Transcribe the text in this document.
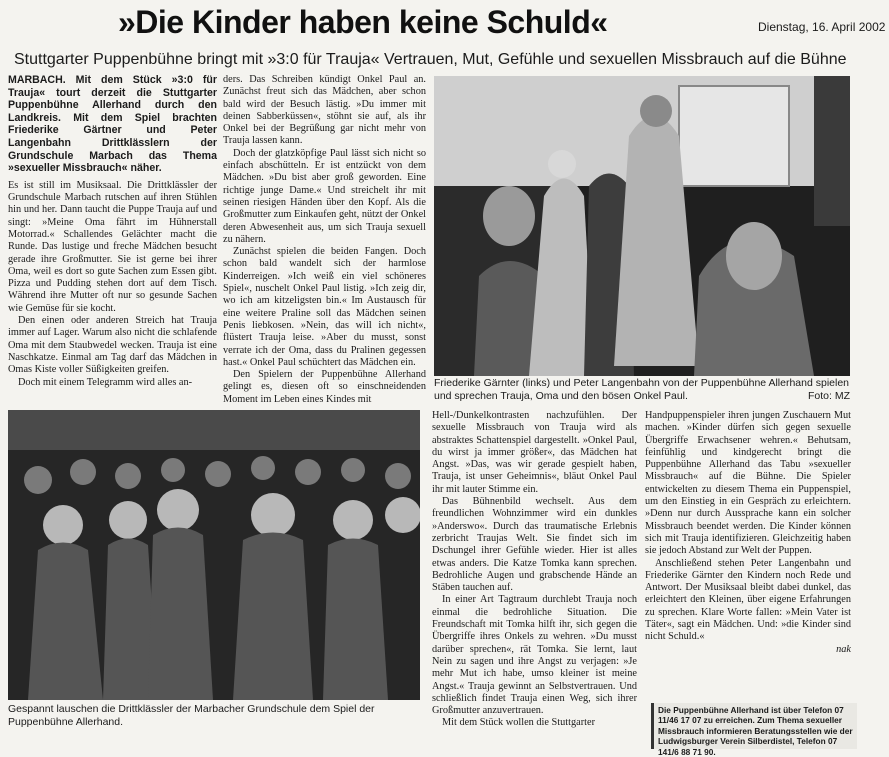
»Die Kinder haben keine Schuld«	Dienstag, 16. April 2002
Stuttgarter Puppenbühne bringt mit »3:0 für Trauja« Vertrauen, Mut, Gefühle und sexuellen Missbrauch auf die Bühne

MARBACH. Mit dem Stück »3:0 für Trauja« tourt derzeit die Stuttgarter Puppenbühne Allerhand durch den Landkreis. Mit dem Spiel brachten Friederike Gärtner und Peter Langenbahn Drittklässlern der Grundschule Marbach das Thema »sexueller Missbrauch« näher.

Es ist still im Musiksaal. Die Drittklässler der Grundschule Marbach rutschen auf ihren Stühlen hin und her. Dann taucht die Puppe Trauja auf und singt: »Meine Oma fährt im Hühnerstall Motorrad.« Schallendes Gelächter macht die Runde. Das lustige und freche Mädchen besucht gerade ihre Großmutter. Sie ist gerne bei ihrer Oma, weil es dort so gute Sachen zum Essen gibt. Pizza und Pudding stehen dort auf dem Tisch. Während ihre Mutter oft nur so gesunde Sachen wie Gemüse für sie kocht.

Den einen oder anderen Streich hat Trauja immer auf Lager. Warum also nicht die schlafende Oma mit dem Staubwedel wecken. Trauja ist eine Naschkatze. Einmal am Tag darf das Mädchen in Omas Kiste voller Süßigkeiten greifen.

Doch mit einem Telegramm wird alles an-

ders. Das Schreiben kündigt Onkel Paul an. Zunächst freut sich das Mädchen, aber schon bald wird der Besuch lästig. »Du immer mit deinen Sabberküssen«, stöhnt sie auf, als ihr Onkel bei der Begrüßung gar nicht mehr von Trauja lassen kann.

Doch der glatzköpfige Paul lässt sich nicht so einfach abschütteln. Er ist entzückt von dem Mädchen. »Du bist aber groß geworden. Eine richtige junge Dame.« Und streichelt ihr mit seinen riesigen Händen über den Kopf. Als die Großmutter zum Einkaufen geht, nützt der Onkel deren Abwesenheit aus, um sich Trauja sexuell zu nähern.

Zunächst spielen die beiden Fangen. Doch schon bald wandelt sich der harmlose Kinderreigen. »Ich weiß ein viel schöneres Spiel«, nuschelt Onkel Paul listig. »Ich zeig dir, wo ich am kitzeligsten bin.« Im Austausch für eine weitere Praline soll das Mädchen seinen Penis liebkosen. »Nein, das will ich nicht«, flüstert Trauja leise. »Aber du musst, sonst verrate ich der Oma, dass du Pralinen gegessen hast.« Onkel Paul schüchtert das Mädchen ein.

Den Spielern der Puppenbühne Allerhand gelingt es, diesen oft so einschneidenden Moment im Leben eines Kindes mit

Friederike Gärnter (links) und Peter Langenbahn von der Puppenbühne Allerhand spielen und sprechen Trauja, Oma und den bösen Onkel Paul.	Foto: MZ
Gespannt lauschen die Drittklässler der Marbacher Grundschule dem Spiel der Puppenbühne Allerhand.

Hell-/Dunkelkontrasten nachzufühlen. Der sexuelle Missbrauch von Trauja wird als abstraktes Schattenspiel dargestellt. »Onkel Paul, du wirst ja immer größer«, das Mädchen hat Angst. »Das, was wir gerade gespielt haben, Trauja, ist unser Geheimnis«, bläut Onkel Paul ihr mit lauter Stimme ein.

Das Bühnenbild wechselt. Aus dem freundlichen Wohnzimmer wird ein dunkles »Anderswo«. Durch das traumatische Erlebnis zerbricht Traujas Welt. Sie findet sich im Dschungel ihrer Gefühle wieder. Hier ist alles etwas anders. Die Katze Tomka kann sprechen. Bedrohliche Augen und grabschende Hände an Stäben tauchen auf.

In einer Art Tagtraum durchlebt Trauja noch einmal die bedrohliche Situation. Die Freundschaft mit Tomka hilft ihr, sich gegen die Übergriffe ihres Onkels zu wehren. »Du musst darüber sprechen«, rät Tomka. Sie lernt, laut Nein zu sagen und ihre Angst zu verjagen: »Je mehr Mut ich habe, umso kleiner ist meine Angst.« Trauja gewinnt an Selbstvertrauen. Und schließlich findet Trauja einen Weg, sich ihrer Großmutter anzuvertrauen.

Mit dem Stück wollen die Stuttgarter

Handpuppenspieler ihren jungen Zuschauern Mut machen. »Kinder dürfen sich gegen sexuelle Übergriffe Erwachsener wehren.« Behutsam, feinfühlig und kindgerecht bringt die Puppenbühne Allerhand das Tabu »sexueller Missbrauch« auf die Bühne. Die Spieler entwickelten zu diesem Thema ein Puppenspiel, um den Einstieg in ein Gespräch zu erleichtern. »Denn nur durch Aussprache kann ein solcher Missbrauch beendet werden. Die Kinder können sich mit Trauja identifizieren. Gleichzeitig haben sie jedoch Abstand zur Welt der Puppen.

Anschließend stehen Peter Langenbahn und Friederike Gärnter den Kindern noch Rede und Antwort. Der Musiksaal bleibt dabei dunkel, das erleichtert den Kleinen, über eigene Erfahrungen zu sprechen. Klare Worte fallen: »Mein Vater ist Täter«, sagt ein Mädchen. Und: »die Kinder sind nicht Schuld.«

nak

Die Puppenbühne Allerhand ist über Telefon 07 11/46 17 07 zu erreichen. Zum Thema sexueller Missbrauch informieren Beratungsstellen wie der Ludwigsburger Verein Silberdistel, Telefon 07 141/6 88 71 90.
